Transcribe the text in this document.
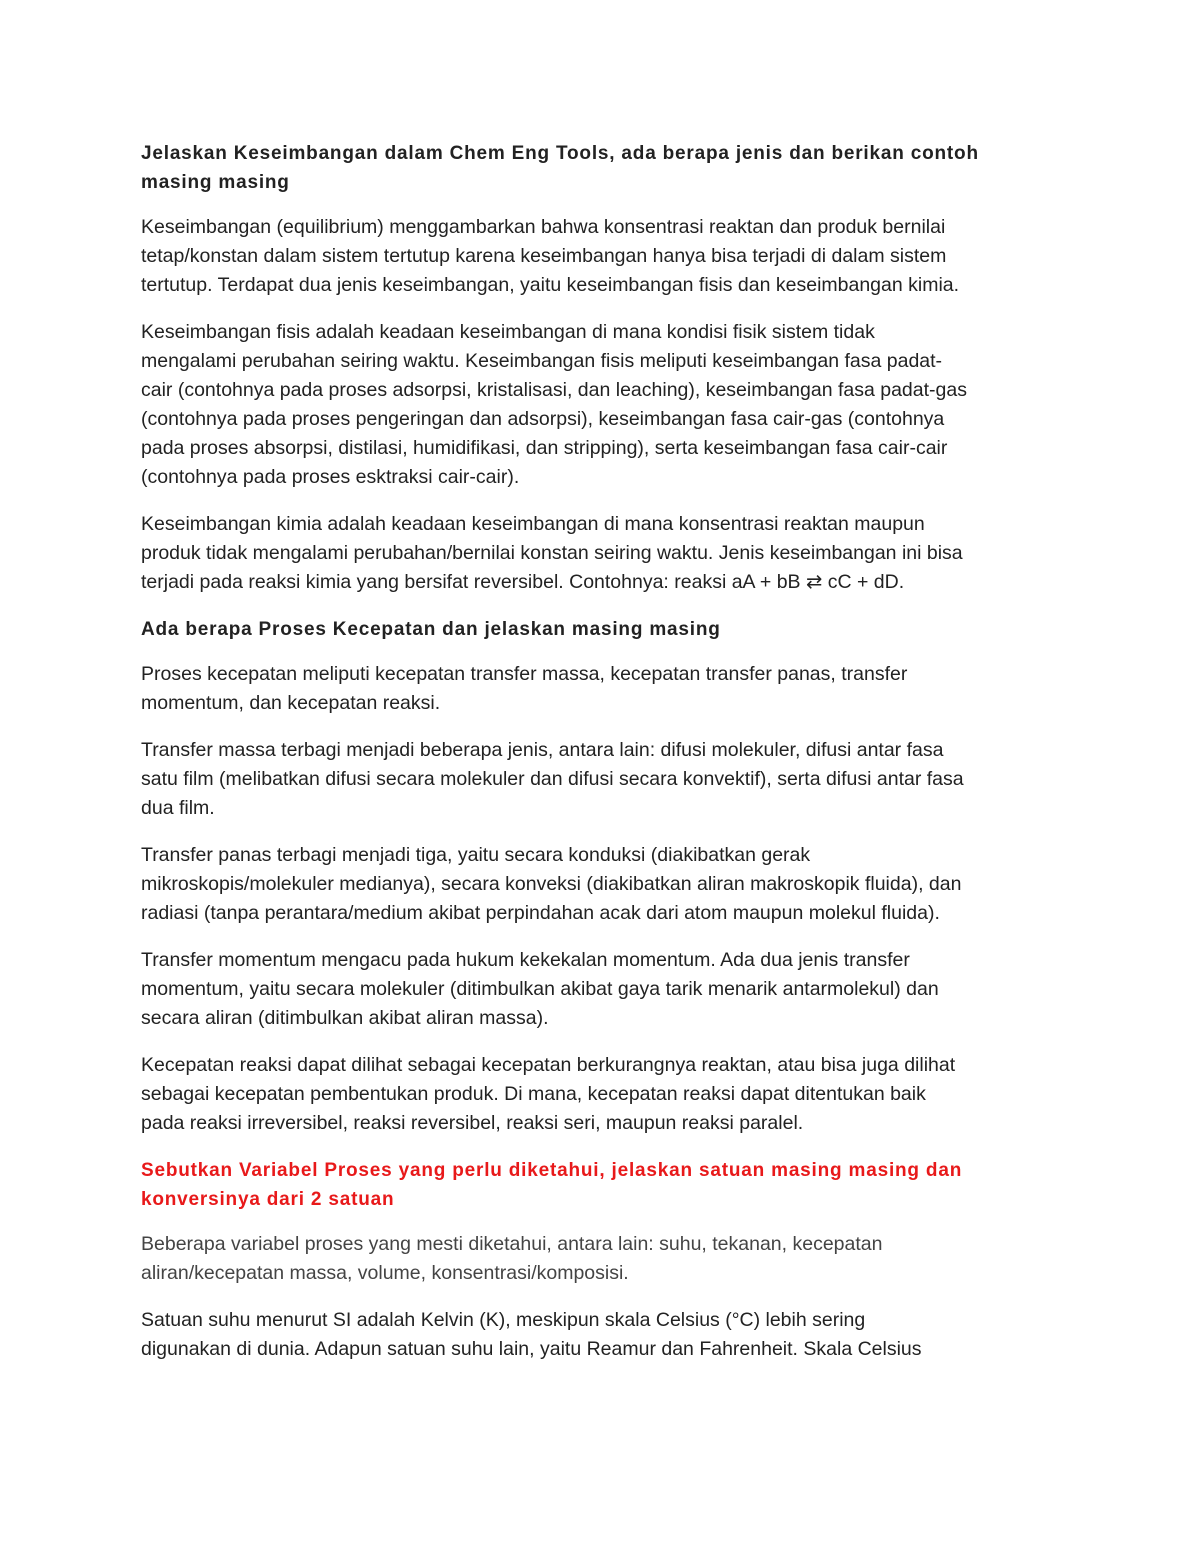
Jelaskan Keseimbangan dalam Chem Eng Tools, ada berapa jenis dan berikan contoh
masing masing
Keseimbangan (equilibrium) menggambarkan bahwa konsentrasi reaktan dan produk bernilai
tetap/konstan dalam sistem tertutup karena keseimbangan hanya bisa terjadi di dalam sistem
tertutup. Terdapat dua jenis keseimbangan, yaitu keseimbangan fisis dan keseimbangan kimia.
Keseimbangan fisis adalah keadaan keseimbangan di mana kondisi fisik sistem tidak
mengalami perubahan seiring waktu. Keseimbangan fisis meliputi keseimbangan fasa padat-
cair (contohnya pada proses adsorpsi, kristalisasi, dan leaching), keseimbangan fasa padat-gas
(contohnya pada proses pengeringan dan adsorpsi), keseimbangan fasa cair-gas (contohnya
pada proses absorpsi, distilasi, humidifikasi, dan stripping), serta keseimbangan fasa cair-cair
(contohnya pada proses esktraksi cair-cair).
Keseimbangan kimia adalah keadaan keseimbangan di mana konsentrasi reaktan maupun
produk tidak mengalami perubahan/bernilai konstan seiring waktu. Jenis keseimbangan ini bisa
terjadi pada reaksi kimia yang bersifat reversibel. Contohnya: reaksi aA + bB ⇄ cC + dD.
Ada berapa Proses Kecepatan dan jelaskan masing masing
Proses kecepatan meliputi kecepatan transfer massa, kecepatan transfer panas, transfer
momentum, dan kecepatan reaksi.
Transfer massa terbagi menjadi beberapa jenis, antara lain: difusi molekuler, difusi antar fasa
satu film (melibatkan difusi secara molekuler dan difusi secara konvektif), serta difusi antar fasa
dua film.
Transfer panas terbagi menjadi tiga, yaitu secara konduksi (diakibatkan gerak
mikroskopis/molekuler medianya), secara konveksi (diakibatkan aliran makroskopik fluida), dan
radiasi (tanpa perantara/medium akibat perpindahan acak dari atom maupun molekul fluida).
Transfer momentum mengacu pada hukum kekekalan momentum. Ada dua jenis transfer
momentum, yaitu secara molekuler (ditimbulkan akibat gaya tarik menarik antarmolekul) dan
secara aliran (ditimbulkan akibat aliran massa).
Kecepatan reaksi dapat dilihat sebagai kecepatan berkurangnya reaktan, atau bisa juga dilihat
sebagai kecepatan pembentukan produk. Di mana, kecepatan reaksi dapat ditentukan baik
pada reaksi irreversibel, reaksi reversibel, reaksi seri, maupun reaksi paralel.
Sebutkan Variabel Proses yang perlu diketahui, jelaskan satuan masing masing dan
konversinya dari 2 satuan
Beberapa variabel proses yang mesti diketahui, antara lain: suhu, tekanan, kecepatan
aliran/kecepatan massa, volume, konsentrasi/komposisi.
Satuan suhu menurut SI adalah Kelvin (K), meskipun skala Celsius (°C) lebih sering
digunakan di dunia. Adapun satuan suhu lain, yaitu Reamur dan Fahrenheit. Skala Celsius
